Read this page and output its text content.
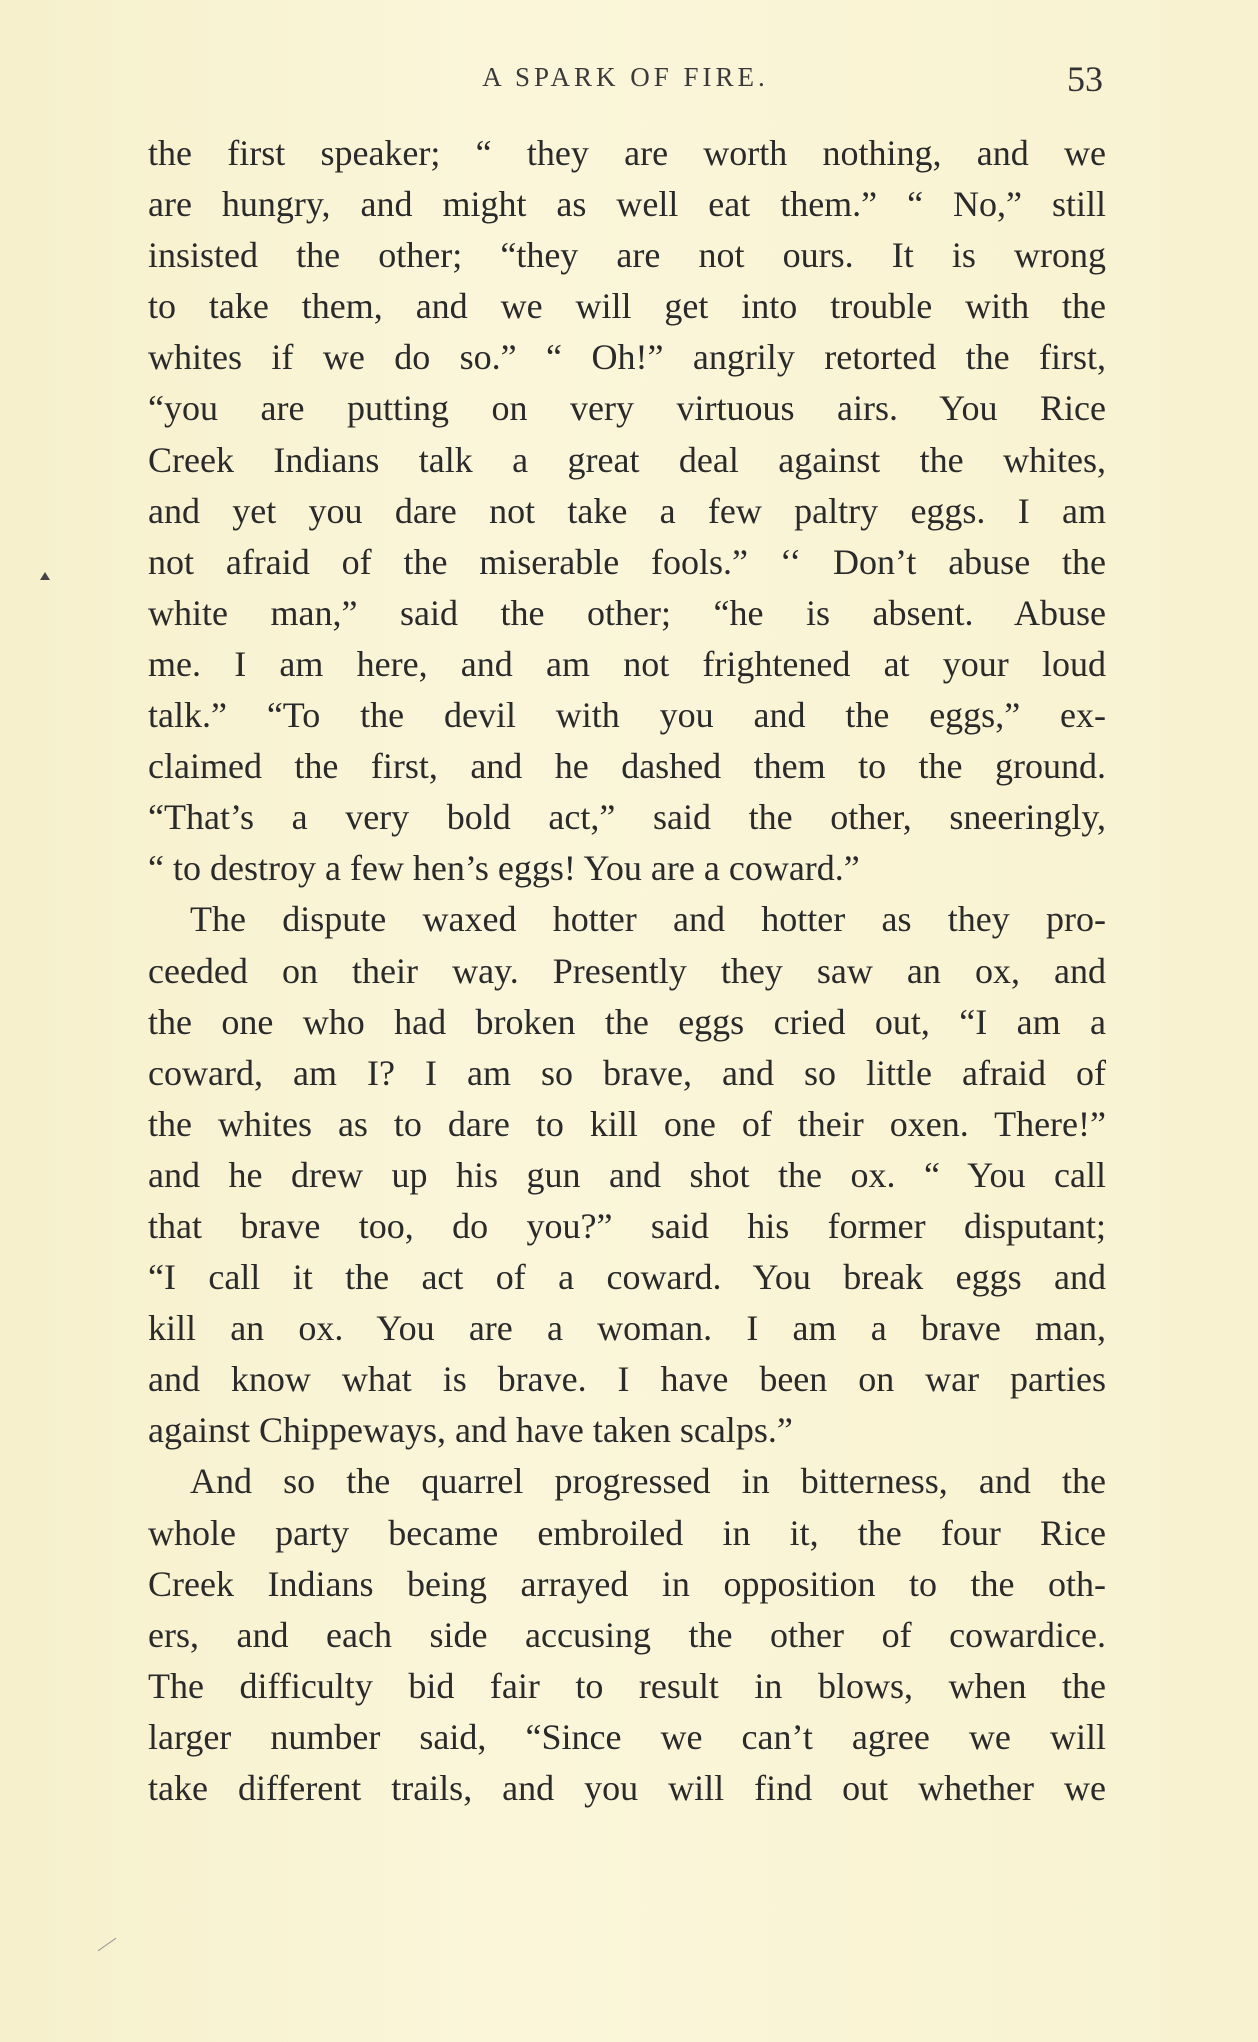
A SPARK OF FIRE.	53
the first speaker; “ they are worth nothing, and we
are hungry, and might as well eat them.” “ No,” still
insisted the other; “they are not ours. It is wrong
to take them, and we will get into trouble with the
whites if we do so.” “ Oh!” angrily retorted the first,
“you are putting on very virtuous airs. You Rice
Creek Indians talk a great deal against the whites,
and yet you dare not take a few paltry eggs. I am
not afraid of the miserable fools.” ‘‘ Don’t abuse the
white man,” said the other; “he is absent. Abuse
me. I am here, and am not frightened at your loud
talk.” “To the devil with you and the eggs,” ex-
claimed the first, and he dashed them to the ground.
“That’s a very bold act,” said the other, sneeringly,
“ to destroy a few hen’s eggs! You are a coward.”
The dispute waxed hotter and hotter as they pro-
ceeded on their way. Presently they saw an ox, and
the one who had broken the eggs cried out, “I am a
coward, am I? I am so brave, and so little afraid of
the whites as to dare to kill one of their oxen. There!”
and he drew up his gun and shot the ox. “ You call
that brave too, do you?” said his former disputant;
“I call it the act of a coward. You break eggs and
kill an ox. You are a woman. I am a brave man,
and know what is brave. I have been on war parties
against Chippeways, and have taken scalps.”
And so the quarrel progressed in bitterness, and the
whole party became embroiled in it, the four Rice
Creek Indians being arrayed in opposition to the oth-
ers, and each side accusing the other of cowardice.
The difficulty bid fair to result in blows, when the
larger number said, “Since we can’t agree we will
take different trails, and you will find out whether we
